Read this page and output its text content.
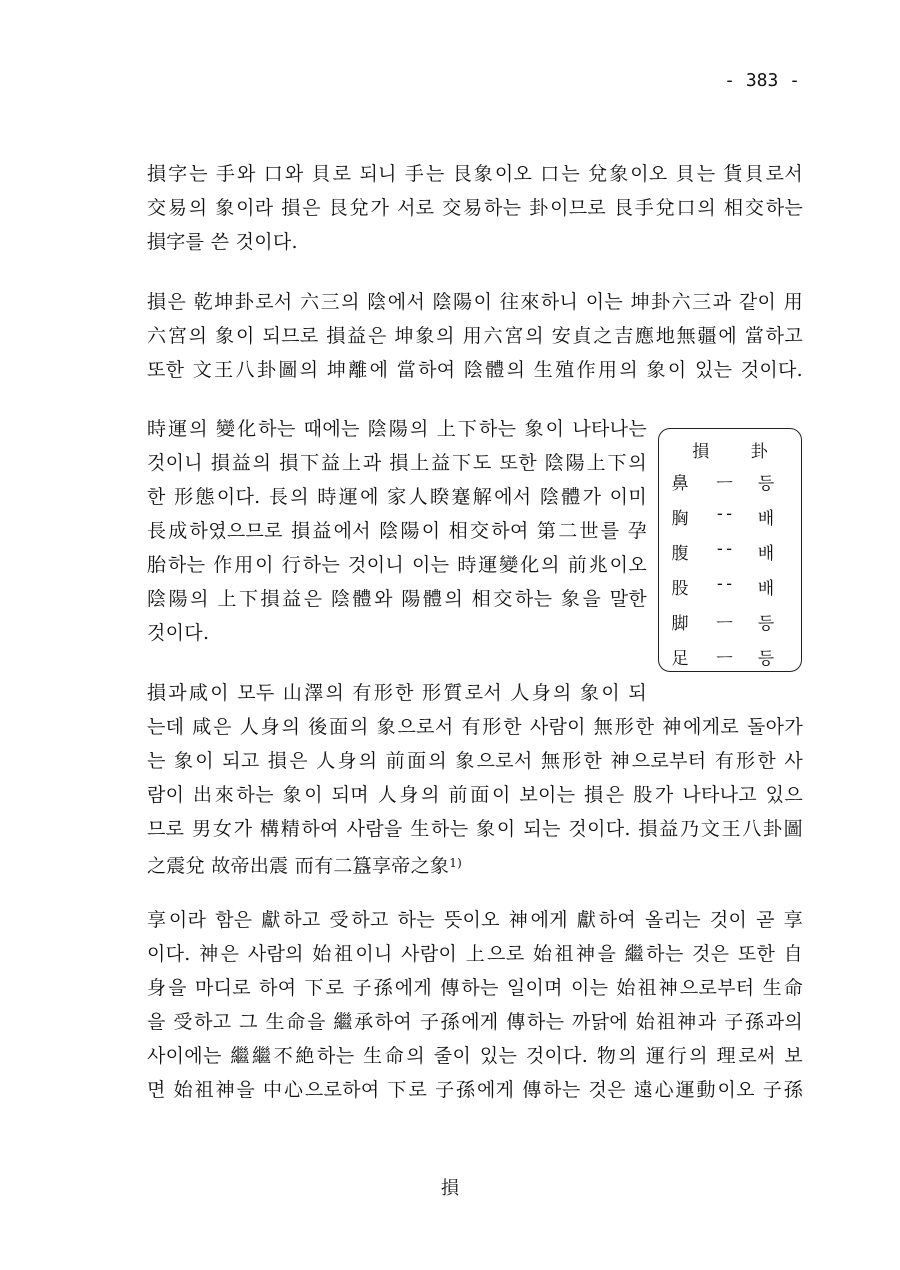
- 383 -
損字는 手와 口와 貝로 되니 手는 艮象이오 口는 兌象이오 貝는 貨貝로서
交易의 象이라 損은 艮兌가 서로 交易하는 卦이므로 艮手兌口의 相交하는
損字를 쓴 것이다.
損은 乾坤卦로서 六三의 陰에서 陰陽이 往來하니 이는 坤卦六三과 같이 用
六宮의 象이 되므로 損益은 坤象의 用六宮의 安貞之吉應地無疆에 當하고
또한 文王八卦圖의 坤離에 當하여 陰體의 生殖作用의 象이 있는 것이다.
時運의 變化하는 때에는 陰陽의 上下하는 象이 나타나는
것이니 損益의 損下益上과 損上益下도 또한 陰陽上下의
한 形態이다. 長의 時運에 家人睽蹇解에서 陰體가 이미
長成하였으므로 損益에서 陰陽이 相交하여 第二世를 孕
胎하는 作用이 行하는 것이니 이는 時運變化의 前兆이오
陰陽의 上下損益은 陰體와 陽體의 相交하는 象을 말한
것이다.
損 卦
鼻	ㅡ	등
胸	--	배
腹	--	배
股	--	배
脚	ㅡ	등
足	ㅡ	등
損과咸이 모두 山澤의 有形한 形質로서 人身의 象이 되
는데 咸은 人身의 後面의 象으로서 有形한 사람이 無形한 神에게로 돌아가
는 象이 되고 損은 人身의 前面의 象으로서 無形한 神으로부터 有形한 사
람이 出來하는 象이 되며 人身의 前面이 보이는 損은 股가 나타나고 있으
므로 男女가 構精하여 사람을 生하는 象이 되는 것이다. 損益乃文王八卦圖
之震兌 故帝出震 而有二簋享帝之象$^{1)}$
享이라 함은 獻하고 受하고 하는 뜻이오 神에게 獻하여 올리는 것이 곧 享
이다. 神은 사람의 始祖이니 사람이 上으로 始祖神을 繼하는 것은 또한 自
身을 마디로 하여 下로 子孫에게 傳하는 일이며 이는 始祖神으로부터 生命
을 受하고 그 生命을 繼承하여 子孫에게 傳하는 까닭에 始祖神과 子孫과의
사이에는 繼繼不絶하는 生命의 줄이 있는 것이다. 物의 運行의 理로써 보
면 始祖神을 中心으로하여 下로 子孫에게 傳하는 것은 遠心運動이오 子孫
損
